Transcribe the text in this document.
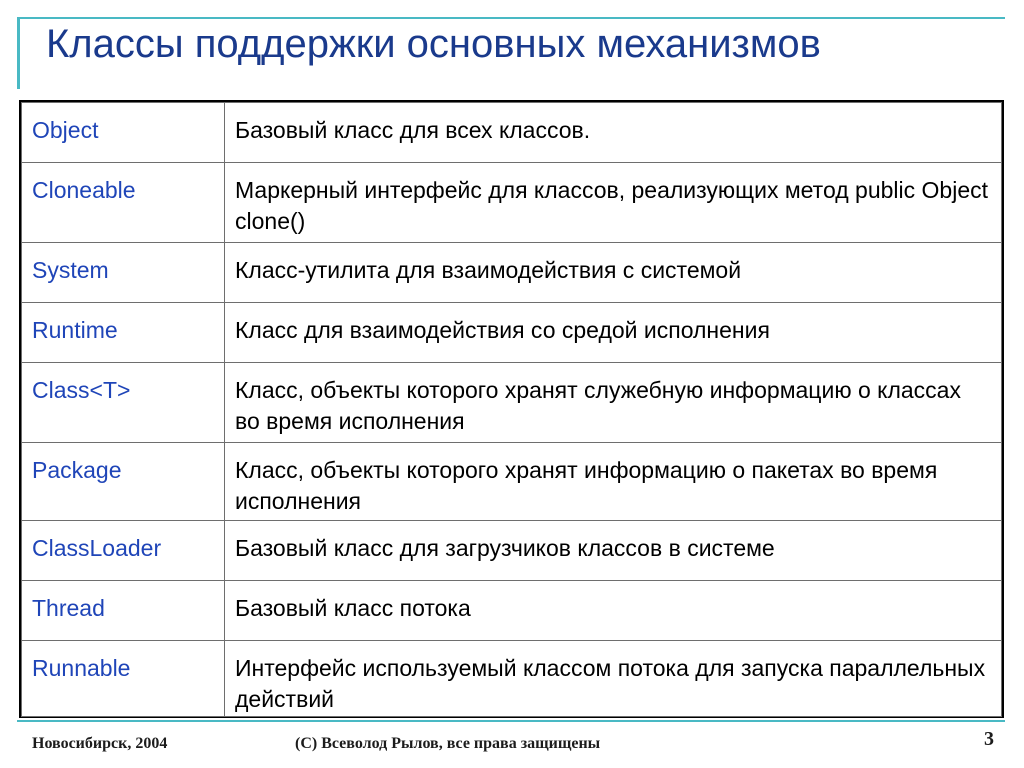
Классы поддержки основных механизмов
Object	Базовый класс для всех классов.
Cloneable	Маркерный интерфейс для классов, реализующих метод public Object clone()
System	Класс-утилита для взаимодействия с системой
Runtime	Класс для взаимодействия со средой исполнения
Class<T>	Класс, объекты которого хранят служебную информацию о классах во время исполнения
Package	Класс, объекты которого хранят информацию о пакетах во время исполнения
ClassLoader	Базовый класс для загрузчиков классов в системе
Thread	Базовый класс потока
Runnable	Интерфейс используемый классом потока для запуска параллельных действий
Новосибирск, 2004	(С) Всеволод Рылов, все права защищены	3
